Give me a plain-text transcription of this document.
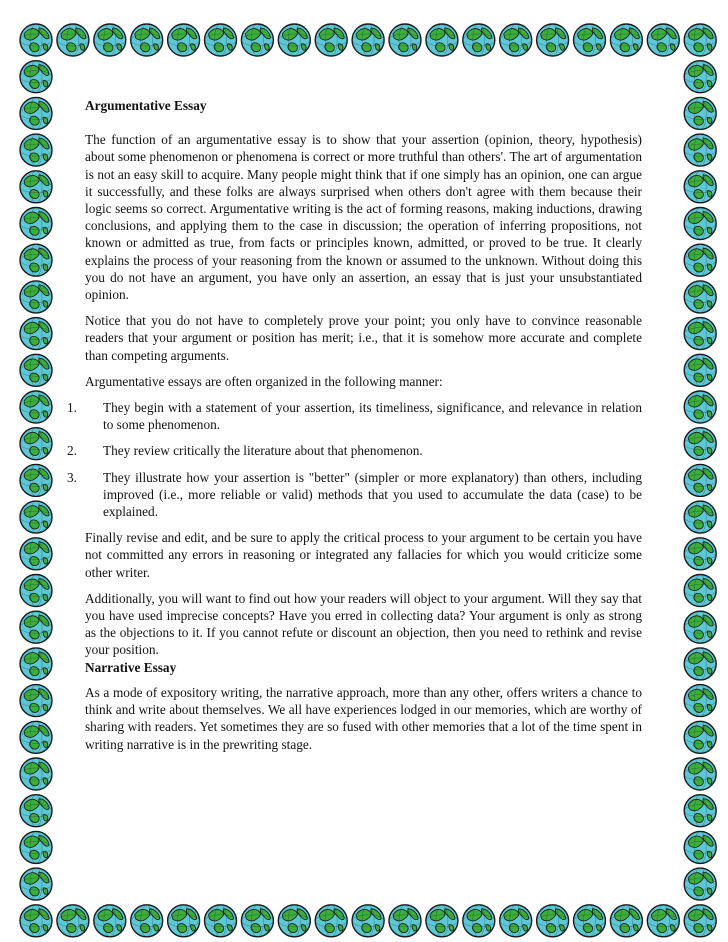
Argumentative Essay

The function of an argumentative essay is to show that your assertion (opinion, theory, hypothesis) about some phenomenon or phenomena is correct or more truthful than others'. The art of argumentation is not an easy skill to acquire. Many people might think that if one simply has an opinion, one can argue it successfully, and these folks are always surprised when others don't agree with them because their logic seems so correct. Argumentative writing is the act of forming reasons, making inductions, drawing conclusions, and applying them to the case in discussion; the operation of inferring propositions, not known or admitted as true, from facts or principles known, admitted, or proved to be true. It clearly explains the process of your reasoning from the known or assumed to the unknown. Without doing this you do not have an argument, you have only an assertion, an essay that is just your unsubstantiated opinion.

Notice that you do not have to completely prove your point; you only have to convince reasonable readers that your argument or position has merit; i.e., that it is somehow more accurate and complete than competing arguments.

Argumentative essays are often organized in the following manner:

1.	They begin with a statement of your assertion, its timeliness, significance, and relevance in relation to some phenomenon.
2.	They review critically the literature about that phenomenon.
3.	They illustrate how your assertion is "better" (simpler or more explanatory) than others, including improved (i.e., more reliable or valid) methods that you used to accumulate the data (case) to be explained.

Finally revise and edit, and be sure to apply the critical process to your argument to be certain you have not committed any errors in reasoning or integrated any fallacies for which you would criticize some other writer.

Additionally, you will want to find out how your readers will object to your argument. Will they say that you have used imprecise concepts? Have you erred in collecting data? Your argument is only as strong as the objections to it. If you cannot refute or discount an objection, then you need to rethink and revise your position.

Narrative Essay

As a mode of expository writing, the narrative approach, more than any other, offers writers a chance to think and write about themselves. We all have experiences lodged in our memories, which are worthy of sharing with readers. Yet sometimes they are so fused with other memories that a lot of the time spent in writing narrative is in the prewriting stage.
